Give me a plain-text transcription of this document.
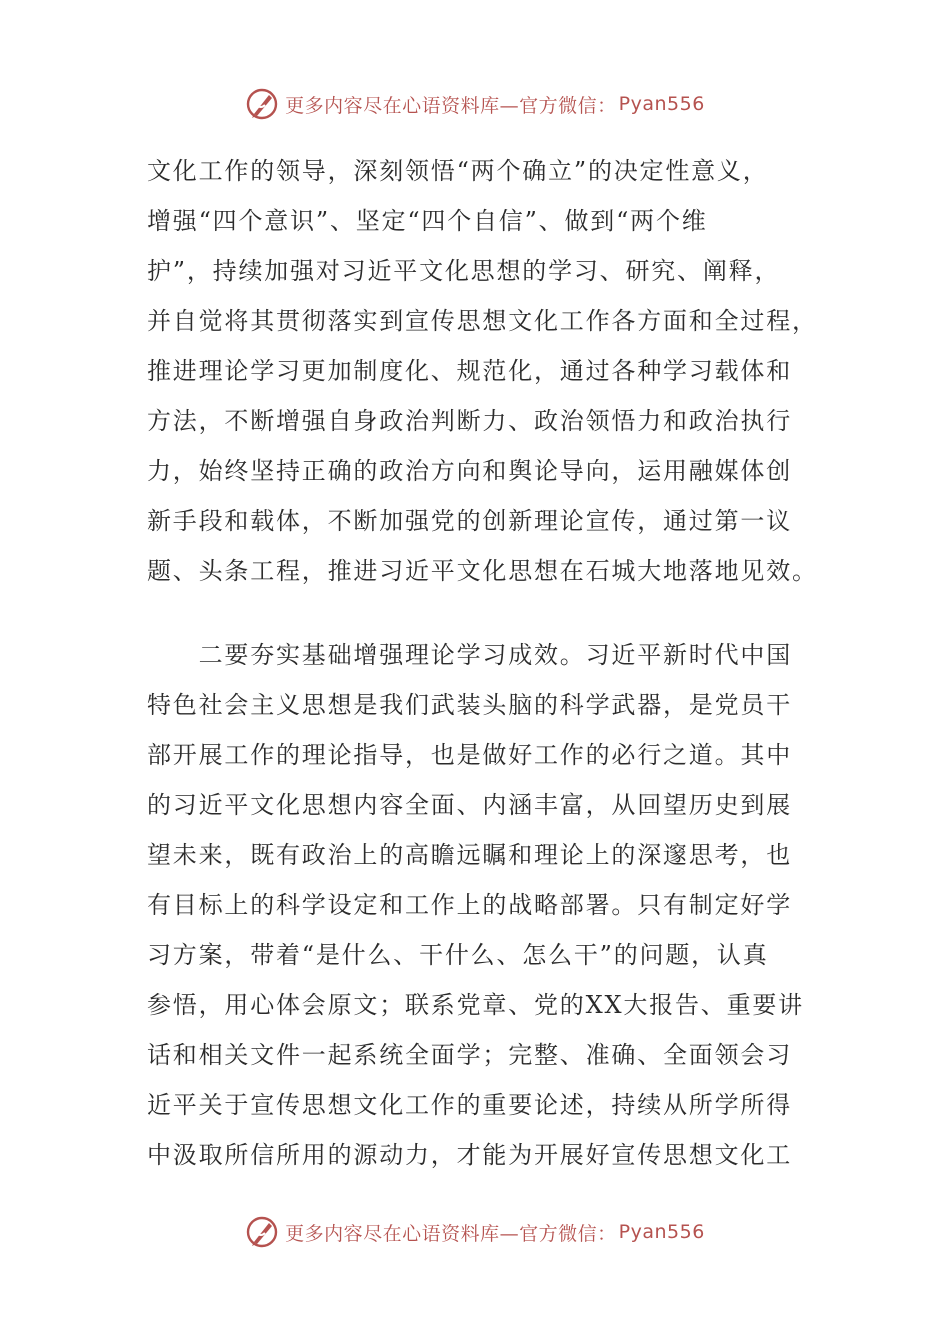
更多内容尽在心语资料库—官方微信： Pyan556
文化工作的领导，深刻领悟“两个确立”的决定性意义，
增强“四个意识”、坚定“四个自信”、做到“两个维
护”，持续加强对习近平文化思想的学习、研究、阐释，
并自觉将其贯彻落实到宣传思想文化工作各方面和全过程，
推进理论学习更加制度化、规范化，通过各种学习载体和
方法，不断增强自身政治判断力、政治领悟力和政治执行
力，始终坚持正确的政治方向和舆论导向，运用融媒体创
新手段和载体，不断加强党的创新理论宣传，通过第一议
题、头条工程，推进习近平文化思想在石城大地落地见效。
　　二要夯实基础增强理论学习成效。习近平新时代中国
特色社会主义思想是我们武装头脑的科学武器，是党员干
部开展工作的理论指导，也是做好工作的必行之道。其中
的习近平文化思想内容全面、内涵丰富，从回望历史到展
望未来，既有政治上的高瞻远瞩和理论上的深邃思考，也
有目标上的科学设定和工作上的战略部署。只有制定好学
习方案，带着“是什么、干什么、怎么干”的问题，认真
参悟，用心体会原文；联系党章、党的XX大报告、重要讲
话和相关文件一起系统全面学；完整、准确、全面领会习
近平关于宣传思想文化工作的重要论述，持续从所学所得
中汲取所信所用的源动力，才能为开展好宣传思想文化工
更多内容尽在心语资料库—官方微信： Pyan556
